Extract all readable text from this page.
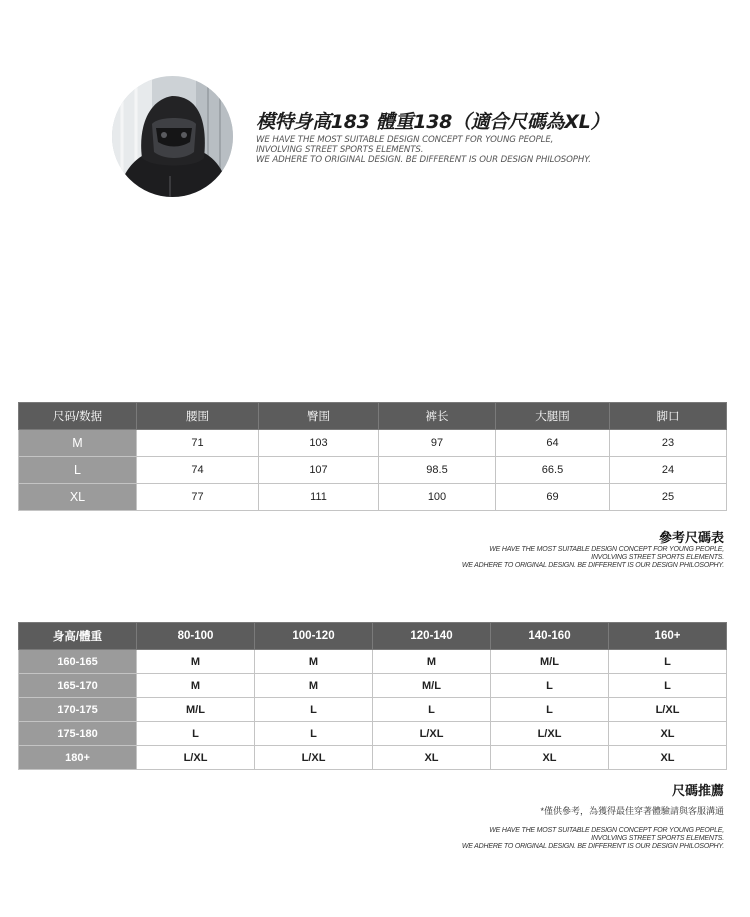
模特身高183 體重138（適合尺碼為XL）
WE HAVE THE MOST SUITABLE DESIGN CONCEPT FOR YOUNG PEOPLE,
INVOLVING STREET SPORTS ELEMENTS.
WE ADHERE TO ORIGINAL DESIGN. BE DIFFERENT IS OUR DESIGN PHILOSOPHY.
尺码/数据	腰围	臀围	裤长	大腿围	脚口
M	71	103	97	64	23
L	74	107	98.5	66.5	24
XL	77	111	100	69	25
參考尺碼表
WE HAVE THE MOST SUITABLE DESIGN CONCEPT FOR YOUNG PEOPLE,
INVOLVING STREET SPORTS ELEMENTS.
WE ADHERE TO ORIGINAL DESIGN. BE DIFFERENT IS OUR DESIGN PHILOSOPHY.
身高/體重	80-100	100-120	120-140	140-160	160+
160-165	M	M	M	M/L	L
165-170	M	M	M/L	L	L
170-175	M/L	L	L	L	L/XL
175-180	L	L	L/XL	L/XL	XL
180+	L/XL	L/XL	XL	XL	XL
尺碼推薦
*僅供參考，為獲得最佳穿著體驗請與客服溝通
WE HAVE THE MOST SUITABLE DESIGN CONCEPT FOR YOUNG PEOPLE,
INVOLVING STREET SPORTS ELEMENTS.
WE ADHERE TO ORIGINAL DESIGN. BE DIFFERENT IS OUR DESIGN PHILOSOPHY.
